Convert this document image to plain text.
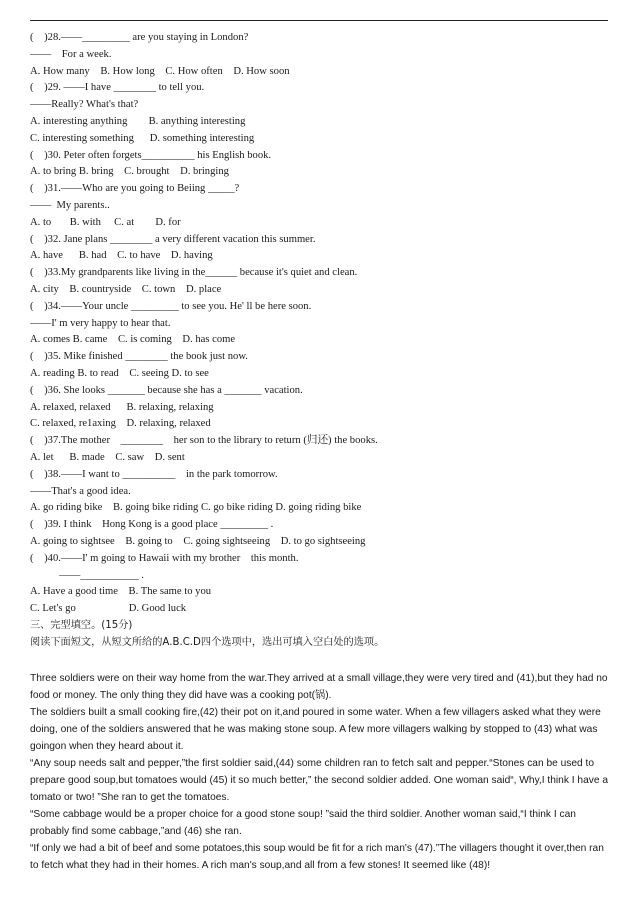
(    )28.——_________ are you staying in London?
——    For a week.
A. How many    B. How long    C. How often    D. How soon
(    )29. ——I have ________ to tell you.
——Really? What's that?
A. interesting anything        B. anything interesting
C. interesting something      D. something interesting
(    )30. Peter often forgets__________ his English book.
A. to bring B. bring    C. brought    D. bringing
(    )31.——Who are you going to Beiing _____?
——  My parents..
A. to       B. with     C. at        D. for
(    )32. Jane plans ________ a very different vacation this summer.
A. have      B. had    C. to have    D. having
(    )33.My grandparents like living in the______ because it's quiet and clean.
A. city    B. countryside    C. town    D. place
(    )34.——Your uncle _________ to see you. He' ll be here soon.
——I' m very happy to hear that.
A. comes B. came    C. is coming    D. has come
(    )35. Mike finished ________ the book just now.
A. reading B. to read    C. seeing D. to see
(    )36. She looks _______ because she has a _______ vacation.
A. relaxed, relaxed      B. relaxing, relaxing
C. relaxed, re1axing    D. relaxing, relaxed
(    )37.The mother    ________    her son to the library to return (归还) the books.
A. let      B. made    C. saw    D. sent
(    )38.——I want to __________    in the park tomorrow.
——That's a good idea.
A. go riding bike    B. going bike riding C. go bike riding D. going riding bike
(    )39. I think    Hong Kong is a good place _________ .
A. going to sightsee    B. going to    C. going sightseeing    D. to go sightseeing
(    )40.——I' m going to Hawaii with my brother    this month.
——___________ .
A. Have a good time    B. The same to you
C. Let's go                    D. Good luck
三、完型填空。(15分)
阅读下面短文，从短文所给的A.B.C.D四个选项中，选出可填入空白处的选项。

Three soldiers were on their way home from the war.They arrived at a small village,they were very tired and (41),but they had no food or money. The only thing they did have was a cooking pot(锅).

The soldiers built a small cooking fire,(42) their pot on it,and poured in some water. When a few villagers asked what they were doing, one of the soldiers answered that he was making stone soup. A few more villagers walking by stopped to (43) what was goingon when they heard about it.

“Any soup needs salt and pepper,”the first soldier said,(44) some children ran to fetch salt and pepper.“Stones can be used to prepare good soup,but tomatoes would (45) it so much better,” the second soldier added. One woman said“, Why,I think I have a tomato or two! ”She ran to get the tomatoes.

“Some cabbage would be a proper choice for a good stone soup! ”said the third soldier. Another woman said,“I think I can probably find some cabbage,”and (46) she ran.

“If only we had a bit of beef and some potatoes,this soup would be fit for a rich man's (47).”The villagers thought it over,then ran to fetch what they had in their homes. A rich man's soup,and all from a few stones! It seemed like (48)!
